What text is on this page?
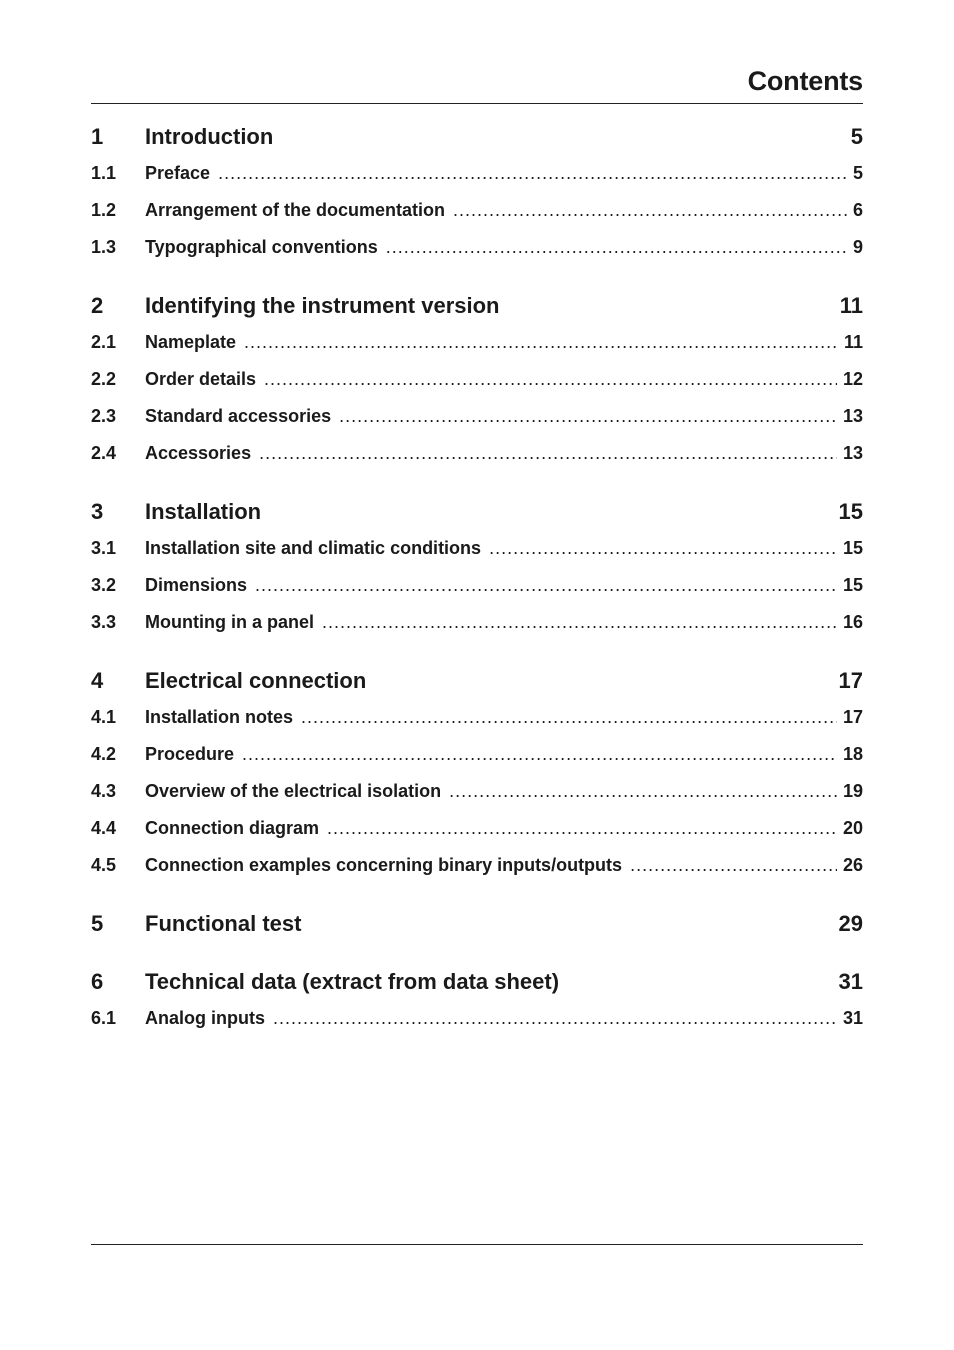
Contents
1	Introduction	5
1.1	Preface .....	5
1.2	Arrangement of the documentation .....	6
1.3	Typographical conventions .....	9
2	Identifying the instrument version	11
2.1	Nameplate .....	11
2.2	Order details .....	12
2.3	Standard accessories .....	13
2.4	Accessories .....	13
3	Installation	15
3.1	Installation site and climatic conditions .....	15
3.2	Dimensions .....	15
3.3	Mounting in a panel .....	16
4	Electrical connection	17
4.1	Installation notes .....	17
4.2	Procedure .....	18
4.3	Overview of the electrical isolation .....	19
4.4	Connection diagram .....	20
4.5	Connection examples concerning binary inputs/outputs .....	26
5	Functional test	29
6	Technical data (extract from data sheet)	31
6.1	Analog inputs .....	31
